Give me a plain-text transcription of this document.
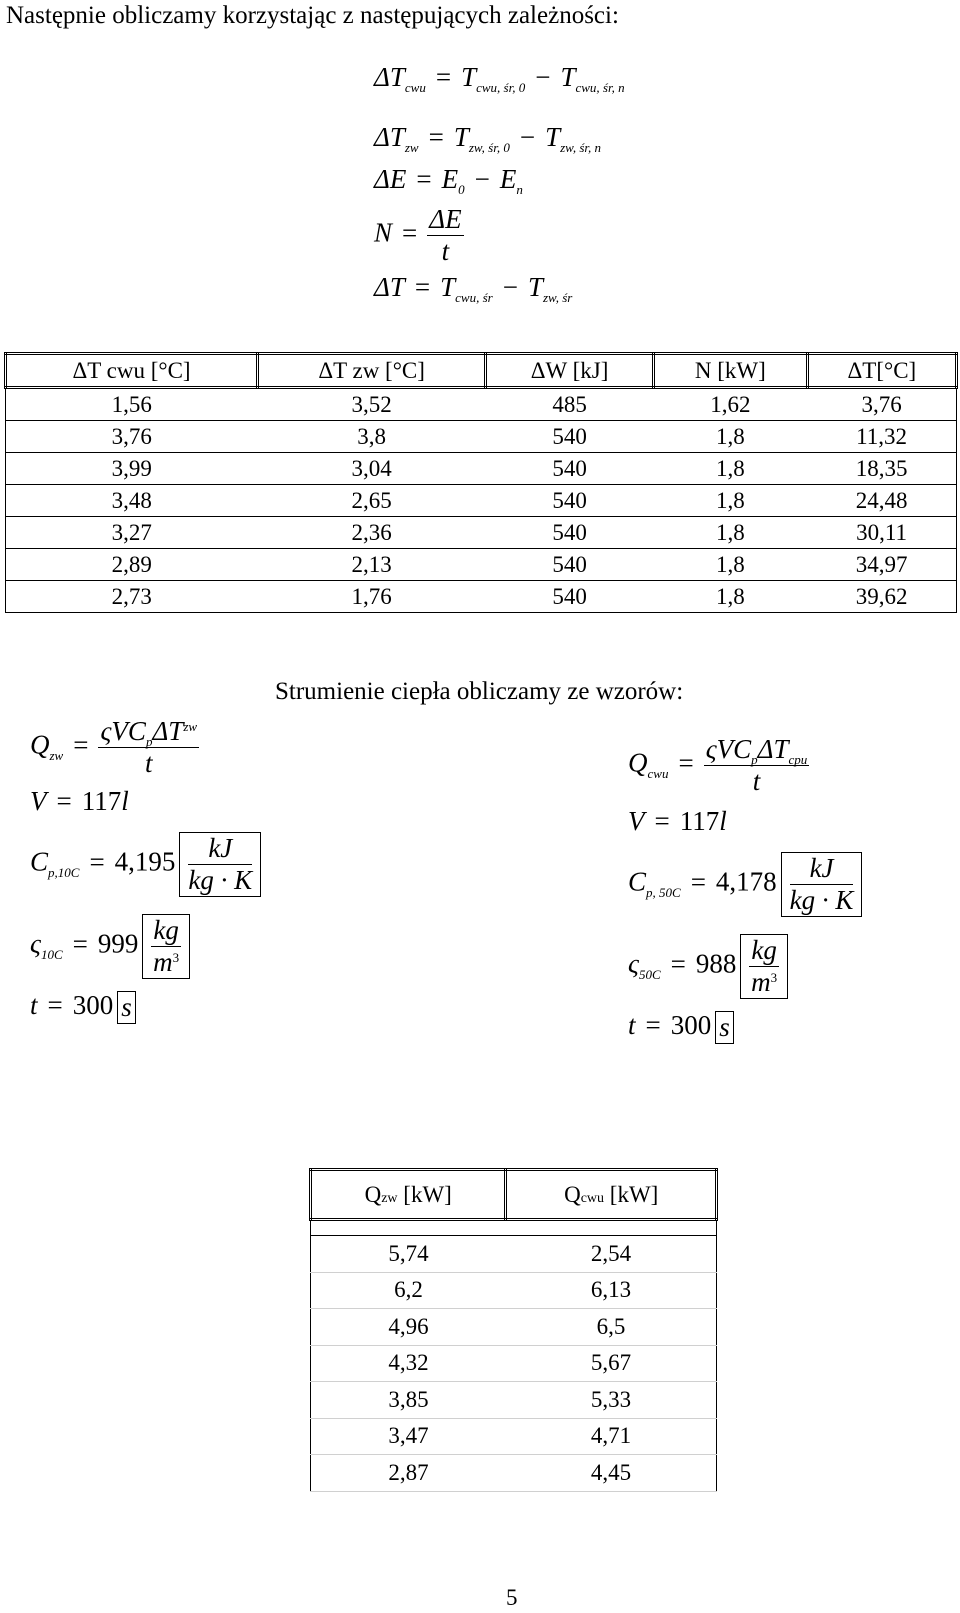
Następnie obliczamy korzystając z następujących zależności:
$\Delta T_{cwu} = T_{cwu, śr, 0} - T_{cwu, śr, n}$
$\Delta T_{zw} = T_{zw, śr, 0} - T_{zw, śr, n}$
$\Delta E = E_0 - E_n$
$N = \frac{\Delta E}{t}$
$\Delta T = T_{cwu, śr} - T_{zw, śr}$
ΔT cwu [°C]	ΔT zw [°C]	ΔW [kJ]	N [kW]	ΔT[°C]
1,56	3,52	485	1,62	3,76
3,76	3,8	540	1,8	11,32
3,99	3,04	540	1,8	18,35
3,48	2,65	540	1,8	24,48
3,27	2,36	540	1,8	30,11
2,89	2,13	540	1,8	34,97
2,73	1,76	540	1,8	39,62
Strumienie ciepła obliczamy ze wzorów:
$Q_{zw} = \frac{\varsigma VC_p\Delta T^{zw}}{t}$
V = 117l
$C_{p,10C} = 4,195 \frac{kJ}{kg \cdot K}$
$\varsigma_{10C} = 999 \frac{kg}{m^3}$
t = 300 s
$Q_{cwu} = \frac{\varsigma VC_p\Delta T_{cpu}}{t}$
V = 117l
$C_{p, 50C} = 4,178 \frac{kJ}{kg \cdot K}$
$\varsigma_{50C} = 988 \frac{kg}{m^3}$
t = 300 s
Qzw [kW]	Qcwu [kW]

5,74	2,54
6,2	6,13
4,96	6,5
4,32	5,67
3,85	5,33
3,47	4,71
2,87	4,45
5
